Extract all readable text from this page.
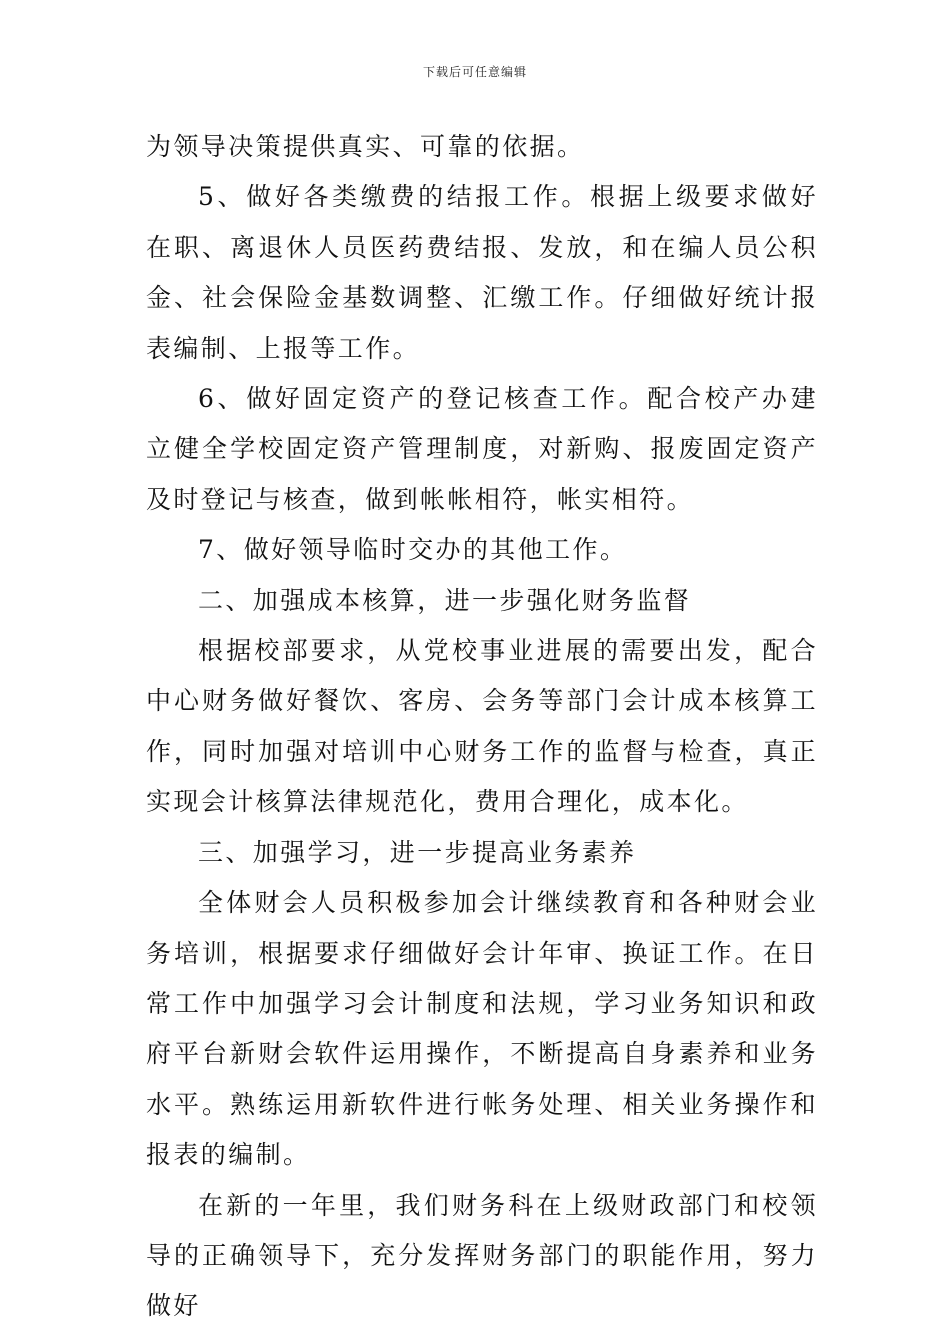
下载后可任意编辑

为领导决策提供真实、可靠的依据。

5、做好各类缴费的结报工作。根据上级要求做好在职、离退休人员医药费结报、发放，和在编人员公积金、社会保险金基数调整、汇缴工作。仔细做好统计报表编制、上报等工作。

6、做好固定资产的登记核查工作。配合校产办建立健全学校固定资产管理制度，对新购、报废固定资产及时登记与核查，做到帐帐相符，帐实相符。

7、做好领导临时交办的其他工作。

二、加强成本核算，进一步强化财务监督

根据校部要求，从党校事业进展的需要出发，配合中心财务做好餐饮、客房、会务等部门会计成本核算工作，同时加强对培训中心财务工作的监督与检查，真正实现会计核算法律规范化，费用合理化，成本化。

三、加强学习，进一步提高业务素养

全体财会人员积极参加会计继续教育和各种财会业务培训，根据要求仔细做好会计年审、换证工作。在日常工作中加强学习会计制度和法规，学习业务知识和政府平台新财会软件运用操作，不断提高自身素养和业务水平。熟练运用新软件进行帐务处理、相关业务操作和报表的编制。

在新的一年里，我们财务科在上级财政部门和校领导的正确领导下，充分发挥财务部门的职能作用，努力做好
